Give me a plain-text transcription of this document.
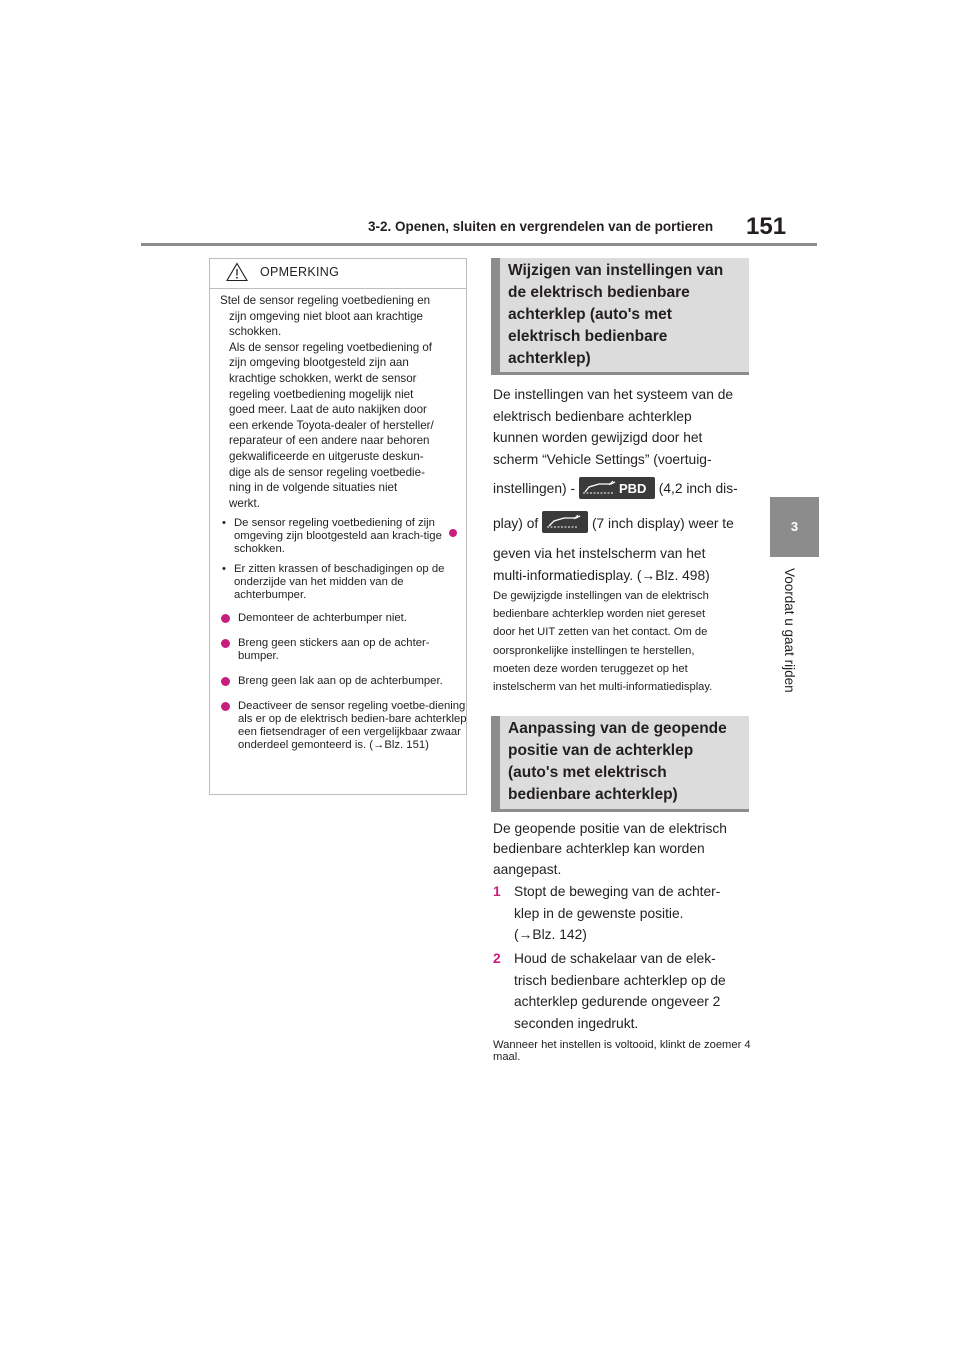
3-2. Openen, sluiten en vergrendelen van de portieren 151
3
Voordat u gaat rijden
OPMERKING

Stel de sensor regeling voetbediening en
zijn omgeving niet bloot aan krachtige
schokken.
Als de sensor regeling voetbediening of
zijn omgeving blootgesteld zijn aan
krachtige schokken, werkt de sensor
regeling voetbediening mogelijk niet
goed meer. Laat de auto nakijken door
een erkende Toyota-dealer of hersteller/
reparateur of een andere naar behoren
gekwalificeerde en uitgeruste deskun-
dige als de sensor regeling voetbedie-
ning in de volgende situaties niet
werkt.

• De sensor regeling voetbediening of zijn omgeving zijn blootgesteld aan krach-tige schokken.
• Er zitten krassen of beschadigingen op de onderzijde van het midden van de achterbumper.
Demonteer de achterbumper niet.
Breng geen stickers aan op de achter-bumper.
Breng geen lak aan op de achterbumper.
Deactiveer de sensor regeling voetbe-diening als er op de elektrisch bedien-bare achterklep een fietsendrager of een vergelijkbaar zwaar onderdeel gemonteerd is. (→Blz. 151)
Wijzigen van instellingen van de elektrisch bedienbare achterklep (auto's met elektrisch bedienbare achterklep)

De instellingen van het systeem van de

elektrisch bedienbare achterklep

kunnen worden gewijzigd door het

scherm “Vehicle Settings” (voertuig-

instellingen) -	PBD (4,2 inch dis-

play) of	(7 inch display) weer te

geven via het instelscherm van het

multi-informatiedisplay. (→Blz. 498)

De gewijzigde instellingen van de elektrisch
bedienbare achterklep worden niet gereset
door het UIT zetten van het contact. Om de
oorspronkelijke instellingen te herstellen,
moeten deze worden teruggezet op het
instelscherm van het multi-informatiedisplay.
Aanpassing van de geopende positie van de achterklep (auto's met elektrisch bedienbare achterklep)

De geopende positie van de elektrisch

bedienbare achterklep kan worden

aangepast.

1 Stopt de beweging van de achter-
klep in de gewenste positie.
(→Blz. 142)
2 Houd de schakelaar van de elek-
trisch bedienbare achterklep op de
achterklep gedurende ongeveer 2
seconden ingedrukt.
Wanneer het instellen is voltooid, klinkt de zoemer 4 maal.
